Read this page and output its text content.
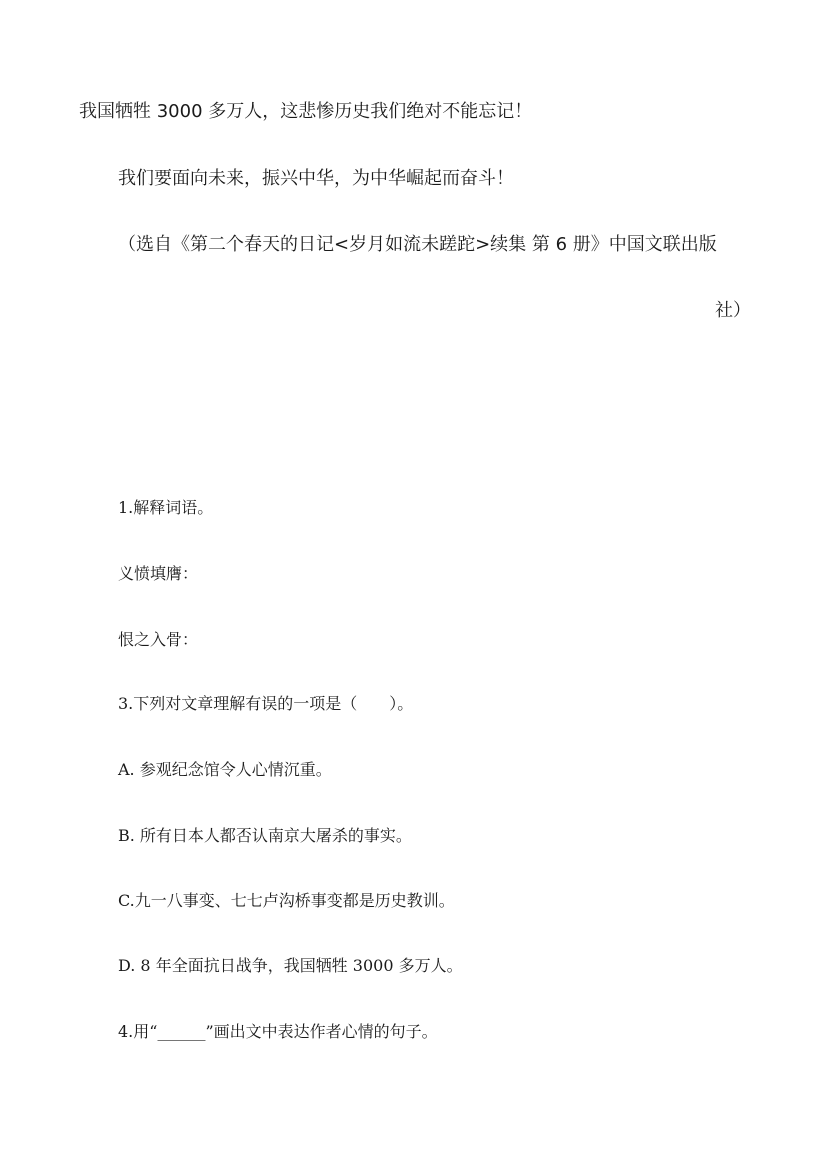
我国牺牲 3000 多万人，这悲惨历史我们绝对不能忘记！
我们要面向未来，振兴中华，为中华崛起而奋斗！
（选自《第二个春天的日记<岁月如流未蹉跎>续集 第 6 册》中国文联出版
社）
1.解释词语。
义愤填膺：
恨之入骨：
3.下列对文章理解有误的一项是（　　）。
A. 参观纪念馆令人心情沉重。
B. 所有日本人都否认南京大屠杀的事实。
C.九一八事变、七七卢沟桥事变都是历史教训。
D. 8 年全面抗日战争，我国牺牲 3000 多万人。
4.用“______”画出文中表达作者心情的句子。
